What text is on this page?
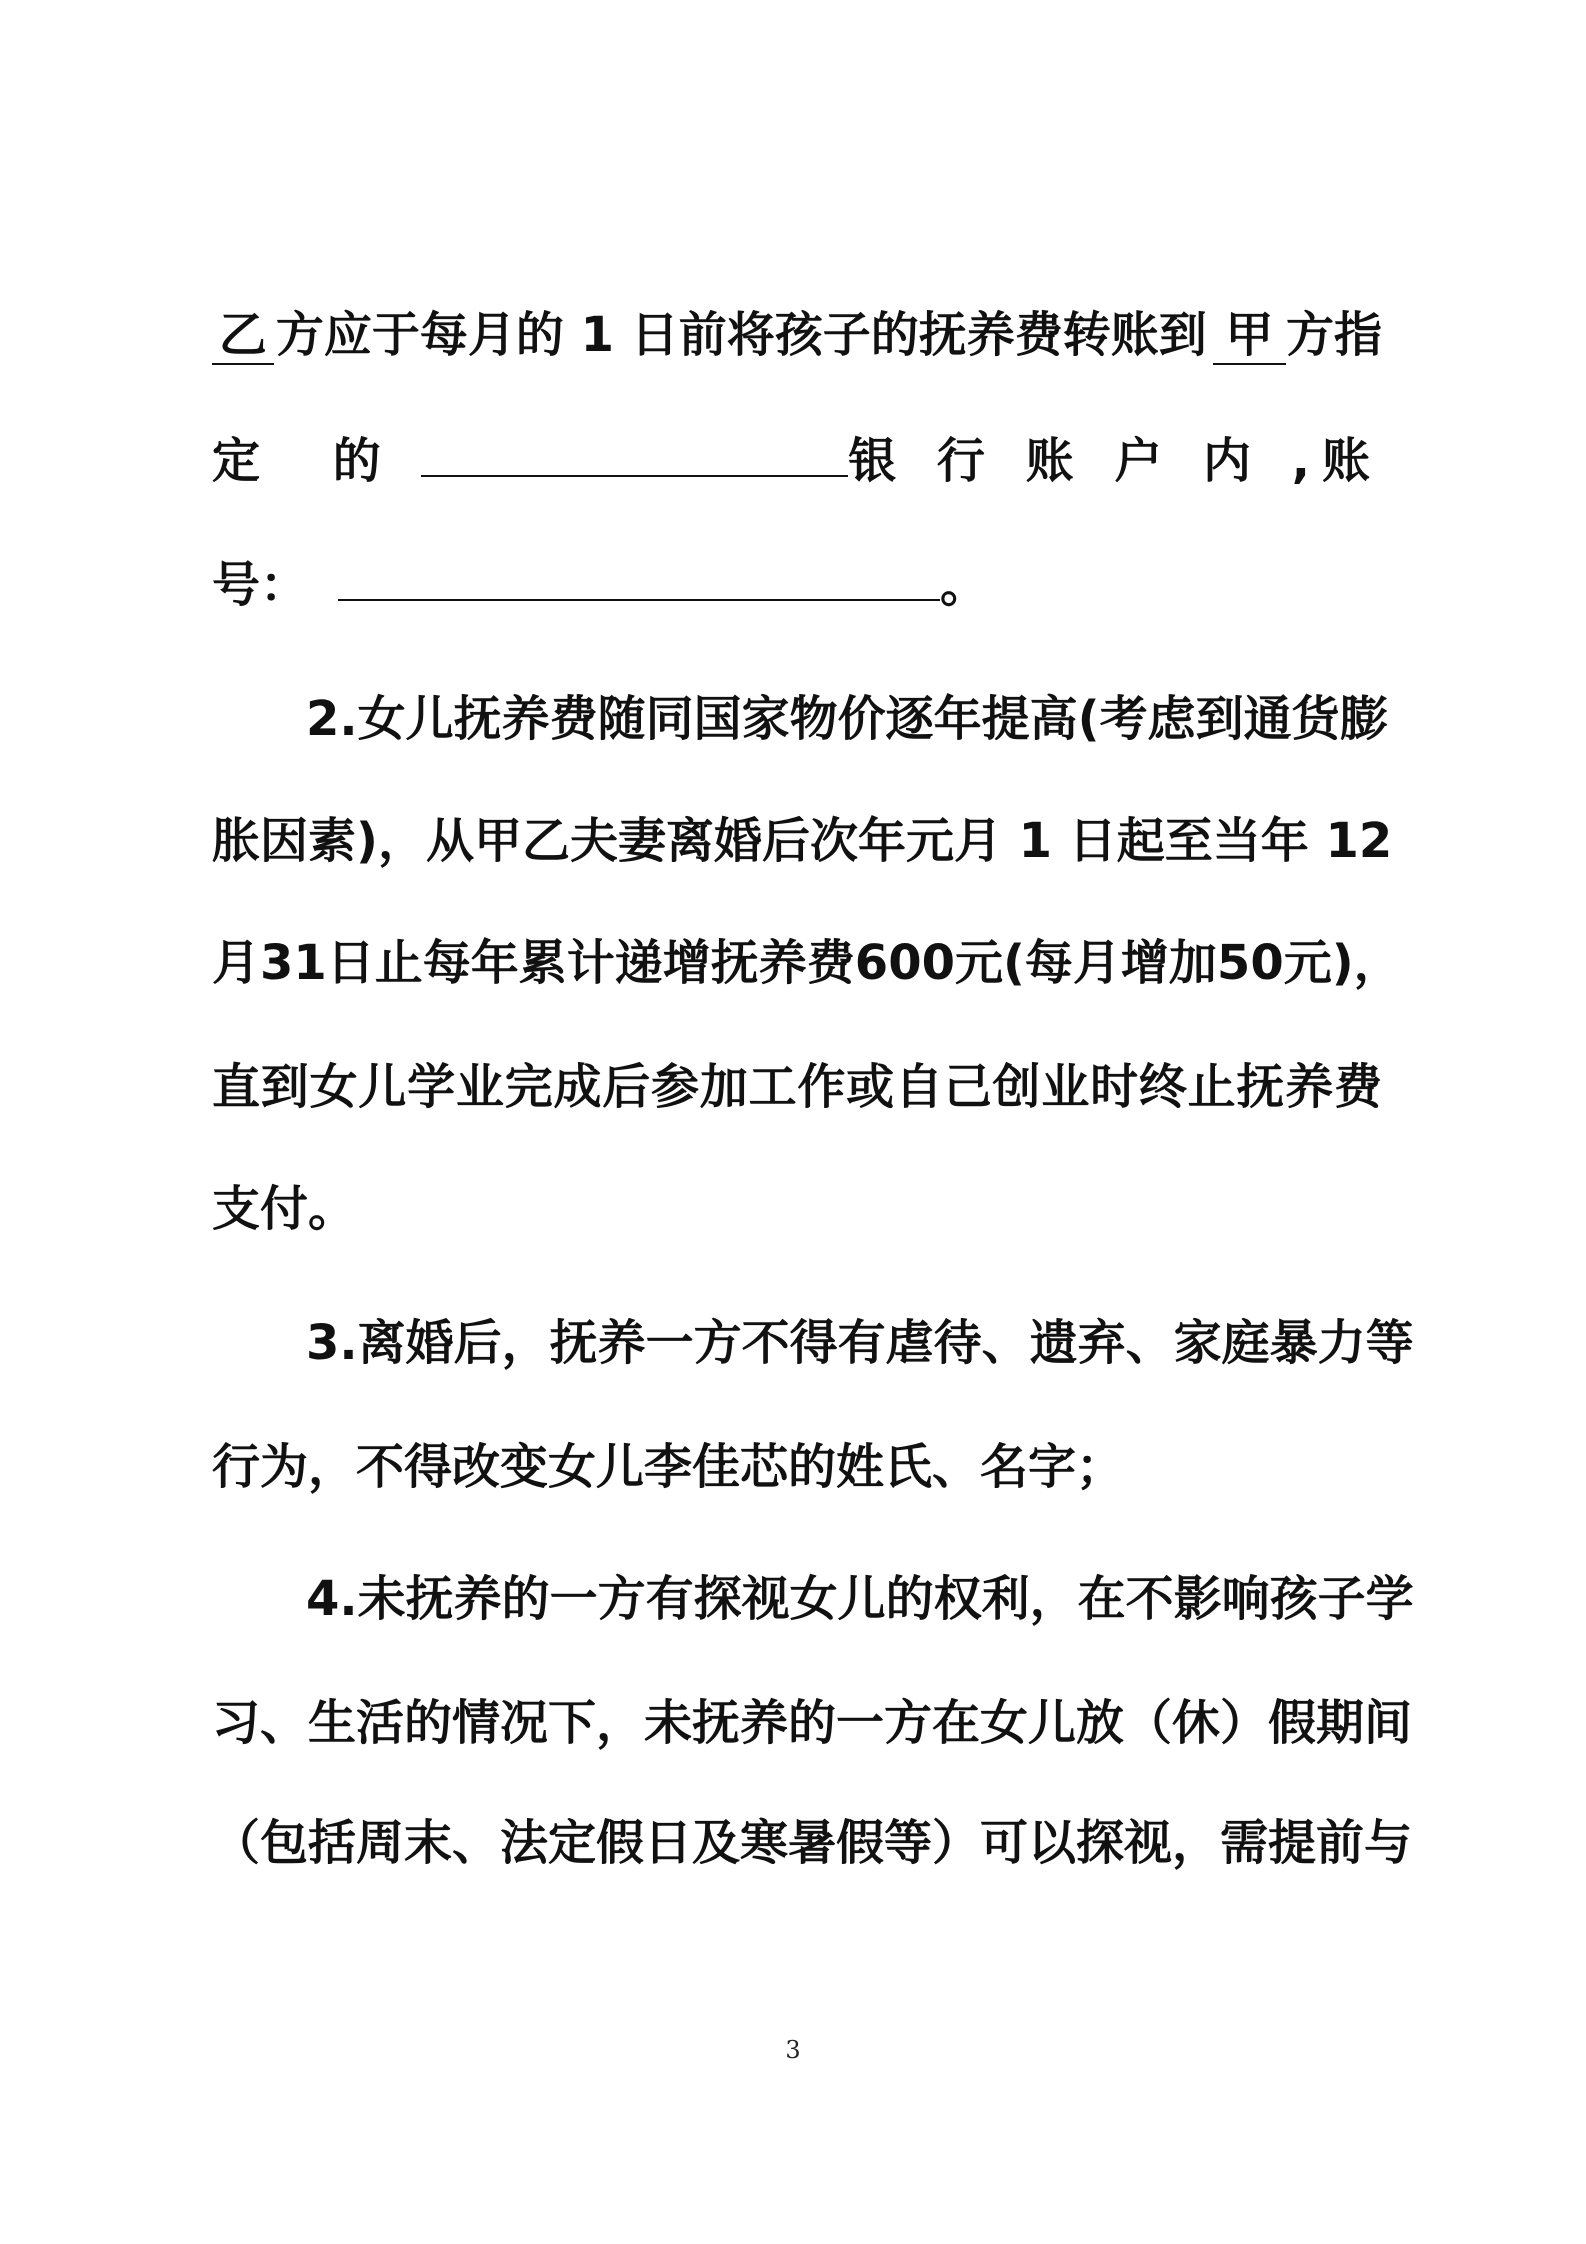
乙 方应于每月的 1 日前将孩子的抚养费转账到 甲 方指
定 的	银 行 账 户 内 ,账
号：	。
2.女儿抚养费随同国家物价逐年提高(考虑到通货膨
胀因素)，从甲乙夫妻离婚后次年元月 1 日起至当年 12
月31日止每年累计递增抚养费600元(每月增加50元)，
直到女儿学业完成后参加工作或自己创业时终止抚养费
支付。
3.离婚后，抚养一方不得有虐待、遗弃、家庭暴力等
行为，不得改变女儿李佳芯的姓氏、名字；
4.未抚养的一方有探视女儿的权利，在不影响孩子学
习、生活的情况下，未抚养的一方在女儿放（休）假期间
（包括周末、法定假日及寒暑假等）可以探视，需提前与
3
